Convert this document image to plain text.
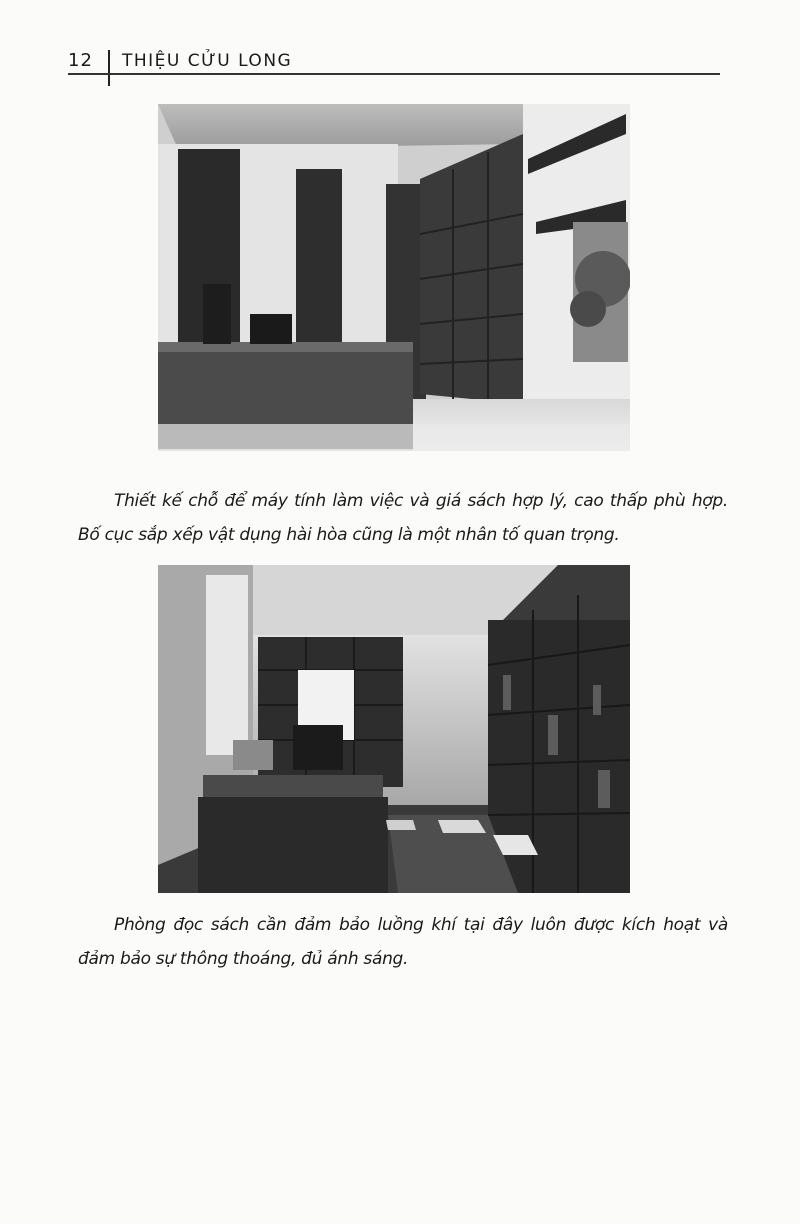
12 THIỆU CỬU LONG

Thiết kế chỗ để máy tính làm việc và giá sách hợp lý, cao thấp phù hợp. Bố cục sắp xếp vật dụng hài hòa cũng là một nhân tố quan trọng.

Phòng đọc sách cần đảm bảo luồng khí tại đây luôn được kích hoạt và đảm bảo sự thông thoáng, đủ ánh sáng.
